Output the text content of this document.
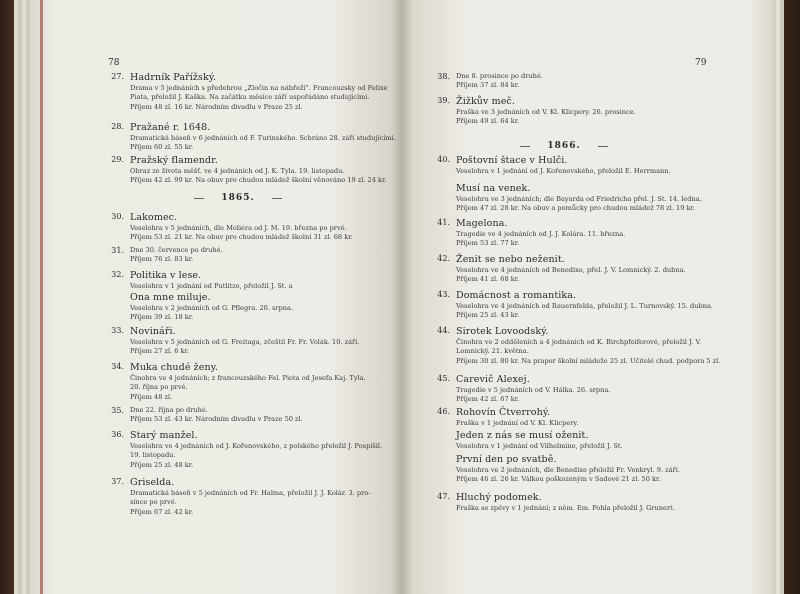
78
27. Hadrník Pařížský.
Drama v 5 jednáních s předehrou „Zločin na nábřeží". Francouzsky od Felixe
Piata, přeložil J. Kaška. Na začátku měsíce září uspořádáno studujícími.
Příjem 48 zl. 16 kr. Národním divadlu v Praze 25 zl.
28. Pražané r. 1648.
Dramatická báseň v 6 jednáních od F. Turinského. Schráno 28. září studujícími.
Příjem 60 zl. 55 kr.
29. Pražský flamendr.
Obraz ze života měšť. ve 4 jednáních od J. K. Tyla. 19. listopadu.
Příjem 42 zl. 99 kr. Na obuv pro chudou mládež školní věnováno 19 zl. 24 kr.
30. Lakomec.
Veselohra v 5 jednáních, dle Moliéra od J. M. 19. března po prvé.
Příjem 53 zl. 21 kr. Na obuv pro chudou mládež školní 31 zl. 68 kr.
31. Dne 30. července po druhé.
Příjem 76 zl. 83 kr.
32. Politika v lese.
Veselohra v 1 jednání od Putlitze, přeložil J. St. a
Ona mne miluje.
Veselohra v 2 jednáních od G. Pflegra. 20. srpna.
Příjem 39 zl. 18 kr.
33. Novináři.
Veselohra v 5 jednáních od G. Freitaga, zčeštil Fr. Fr. Volák. 10. září.
Příjem 27 zl. 6 kr.
34. Muka chudé ženy.
Činohra ve 4 jednáních; z francouzského Fel. Piota od Josefa Kaj. Tyla.
20. října po prvé.
Příjem 48 zl.
35. Dne 22. října po druhé.
Příjem 53 zl. 43 kr. Národním divadlu v Praze 50 zl.
36. Starý manžel.
Veselohra ve 4 jednáních od J. Kořenovského, z polského přeložil J. Pospíšil.
19. listopadu.
Příjem 25 zl. 48 kr.
37. Griselda.
Dramatická báseň v 5 jednáních od Fr. Halma, přeložil J. J. Kolár. 3. pro-
since po prvé.
Příjem 67 zl. 42 kr.
1865.
79
38. Dne 8. prosince po druhé.
Příjem 37 zl. 84 kr.
39. Žižkův meč.
Fraška ve 3 jednáních od V. Kl. Klicpery. 26. prosince.
Příjem 49 zl. 64 kr.
40. Poštovní štace v Hulči.
Veselohra v 1 jednání od J. Kořenovského, přeložil E. Herrmann.
Musí na venek.
Veselohra ve 3 jednáních; dle Bayarda od Friedricha přel. J. St. 14. ledna.
Příjem 47 zl. 28 kr. Na obuv a pomůcky pro chudou mládež 78 zl. 19 kr.
41. Magelona.
Tragedie ve 4 jednáních od J. J. Kolára. 11. března.
Příjem 53 zl. 77 kr.
42. Ženit se nebo neženit.
Veselohra ve 4 jednáních od Benedixe, přel. J. V. Lomnický. 2. dubna.
Příjem 41 zl. 68 kr.
43. Domácnost a romantika.
Veselohra ve 4 jednáních od Rauernfelda, přeložil J. L. Turnovský. 15. dubna.
Příjem 25 zl. 43 kr.
44. Sirotek Lovoodský.
Činohra ve 2 odděleních a 4 jednáních od K. Birchpfeiferové, přeložil J. V.
Lomnický. 21. května.
Příjem 30 zl. 80 kr. Na prapor školní mládeže 25 zl. Učitelé chud. podpora 5 zl.
45. Carevič Alexej.
Tragedie v 5 jednáních od V. Hálka. 26. srpna.
Příjem 42 zl. 67 kr.
46. Rohovín Čtverrohý.
Fraška v 1 jednání od V. Kl. Klicpery.
Jeden z nás se musí oženit.
Veselohra v 1 jednání od Vilhelmine, přeložil J. St.
První den po svatbě.
Veselohra ve 2 jednáních, dle Benedixe přeložil Fr. Venkryl. 9. září.
Příjem 46 zl. 26 kr. Válkou poškozeným v Sadové 21 zl. 50 kr.
47. Hluchý podomek.
Fraška se zpěvy v 1 jednání; z něm. Em. Pohla přeložil J. Grunert.
1866.
